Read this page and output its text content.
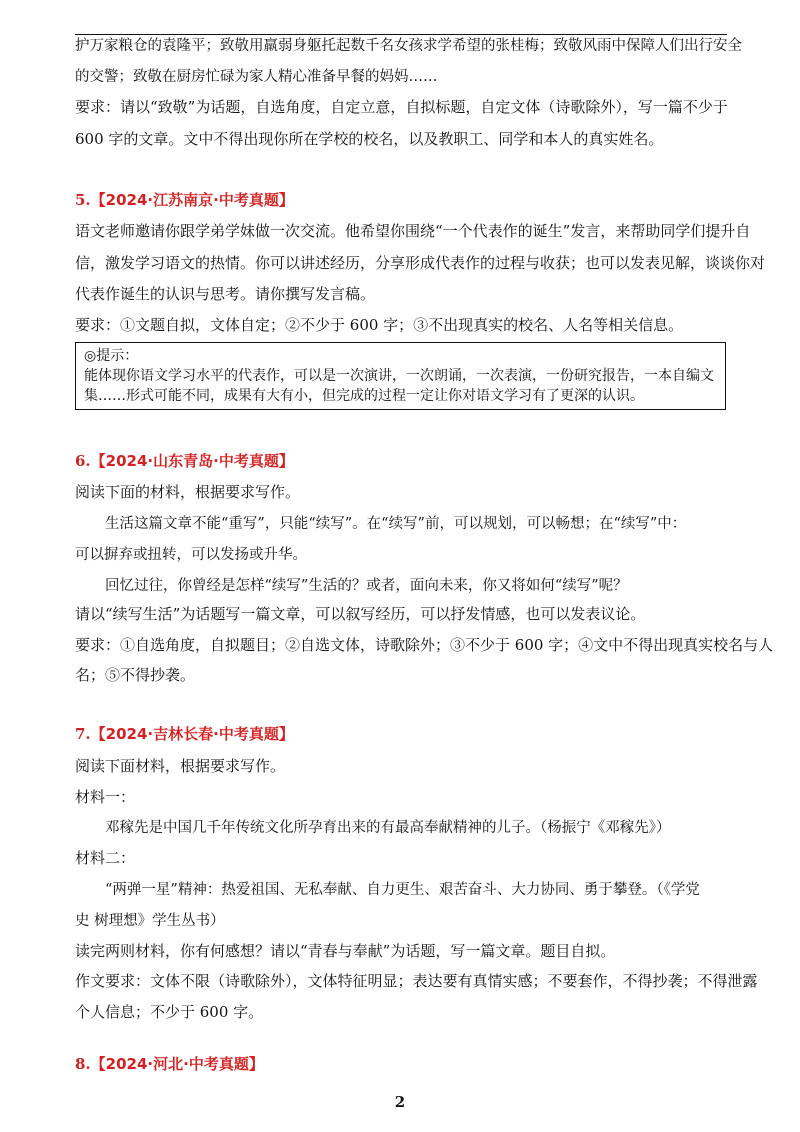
护万家粮仓的袁隆平；致敬用羸弱身躯托起数千名女孩求学希望的张桂梅；致敬风雨中保障人们出行安全
的交警；致敬在厨房忙碌为家人精心准备早餐的妈妈……
要求：请以“致敬”为话题，自选角度，自定立意，自拟标题，自定文体（诗歌除外），写一篇不少于
600 字的文章。文中不得出现你所在学校的校名，以及教职工、同学和本人的真实姓名。
5.【2024·江苏南京·中考真题】
语文老师邀请你跟学弟学妹做一次交流。他希望你围绕“一个代表作的诞生”发言，来帮助同学们提升自
信，激发学习语文的热情。你可以讲述经历，分享形成代表作的过程与收获；也可以发表见解，谈谈你对
代表作诞生的认识与思考。请你撰写发言稿。
要求：①文题自拟，文体自定；②不少于 600 字；③不出现真实的校名、人名等相关信息。
◎提示：
能体现你语文学习水平的代表作，可以是一次演讲，一次朗诵，一次表演，一份研究报告，一本自编文
集……形式可能不同，成果有大有小，但完成的过程一定让你对语文学习有了更深的认识。
6.【2024·山东青岛·中考真题】
阅读下面的材料，根据要求写作。
生活这篇文章不能“重写”，只能“续写”。在“续写”前，可以规划，可以畅想；在“续写”中：
可以摒弃或扭转，可以发扬或升华。
回忆过往，你曾经是怎样“续写”生活的？或者，面向未来，你又将如何“续写”呢？
请以“续写生活”为话题写一篇文章，可以叙写经历，可以抒发情感，也可以发表议论。
要求：①自选角度，自拟题目；②自选文体，诗歌除外；③不少于 600 字；④文中不得出现真实校名与人
名；⑤不得抄袭。
7.【2024·吉林长春·中考真题】
阅读下面材料，根据要求写作。
材料一：
邓稼先是中国几千年传统文化所孕育出来的有最高奉献精神的儿子。（杨振宁《邓稼先》）
材料二：
“两弹一星”精神：热爱祖国、无私奉献、自力更生、艰苦奋斗、大力协同、勇于攀登。（《学党
史 树理想》学生丛书）
读完两则材料，你有何感想？请以“青春与奉献”为话题，写一篇文章。题目自拟。
作文要求：文体不限（诗歌除外），文体特征明显；表达要有真情实感；不要套作，不得抄袭；不得泄露
个人信息；不少于 600 字。
8.【2024·河北·中考真题】
2
